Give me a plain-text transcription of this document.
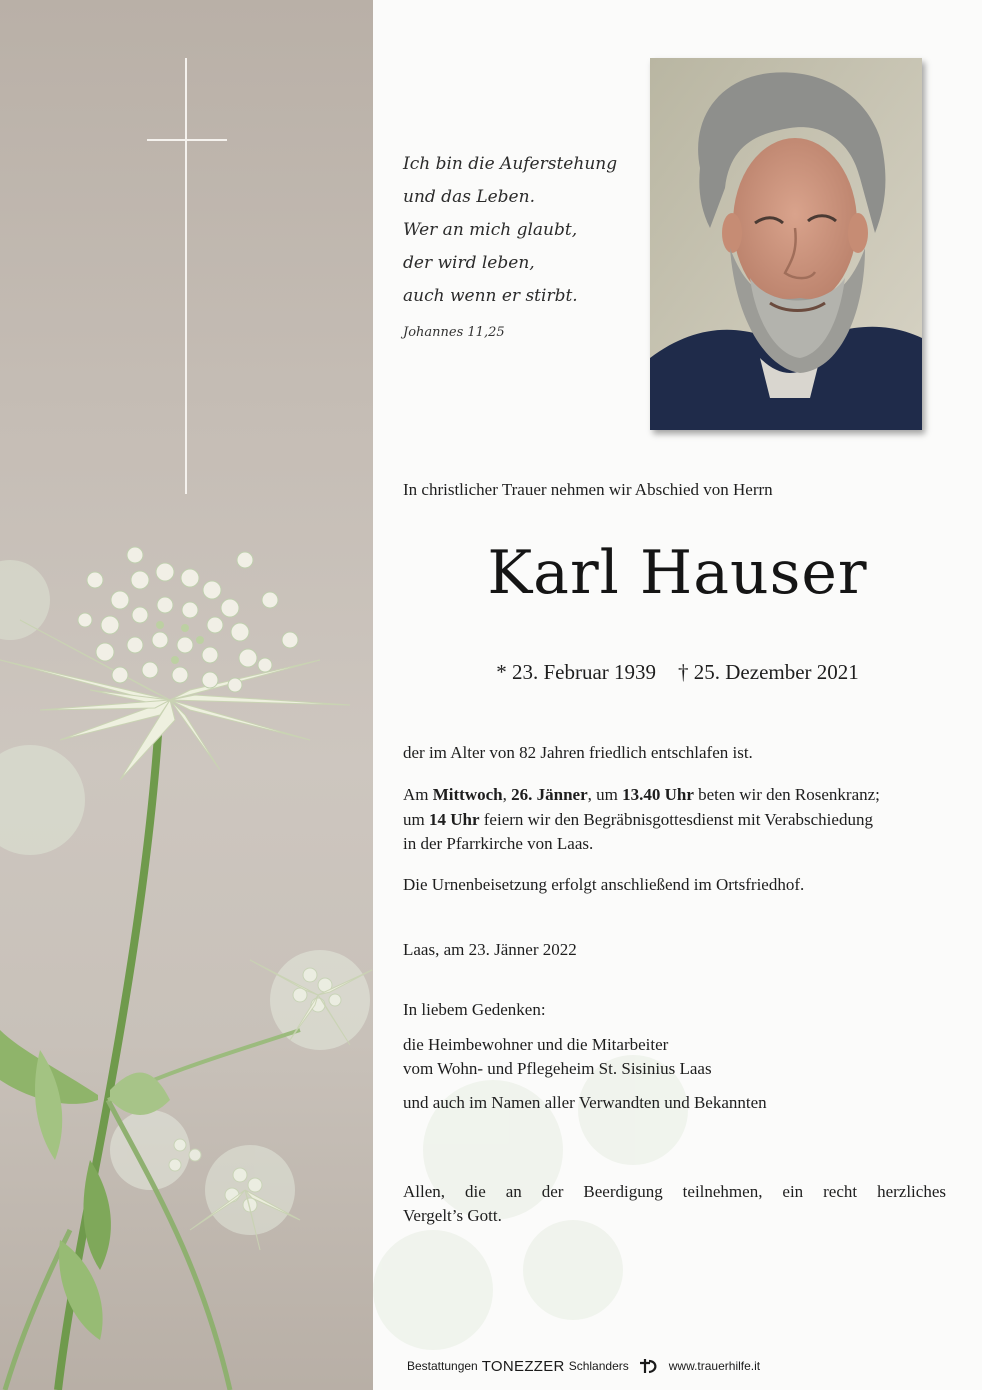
Ich bin die Auferstehung
und das Leben.
Wer an mich glaubt,
der wird leben,
auch wenn er stirbt.
Johannes 11,25
In christlicher Trauer nehmen wir Abschied von Herrn
Karl Hauser
* 23. Februar 1939 † 25. Dezember 2021
der im Alter von 82 Jahren friedlich entschlafen ist.
Am Mittwoch, 26. Jänner, um 13.40 Uhr beten wir den Rosenkranz;
um 14 Uhr feiern wir den Begräbnisgottesdienst mit Verabschiedung
in der Pfarrkirche von Laas.
Die Urnenbeisetzung erfolgt anschließend im Ortsfriedhof.
Laas, am 23. Jänner 2022
In liebem Gedenken:
die Heimbewohner und die Mitarbeiter
vom Wohn- und Pflegeheim St. Sisinius Laas
und auch im Namen aller Verwandten und Bekannten
Allen, die an der Beerdigung teilnehmen, ein recht herzliches
Vergelt’s Gott.
Bestattungen TONEZZER Schlanders	www.trauerhilfe.it
